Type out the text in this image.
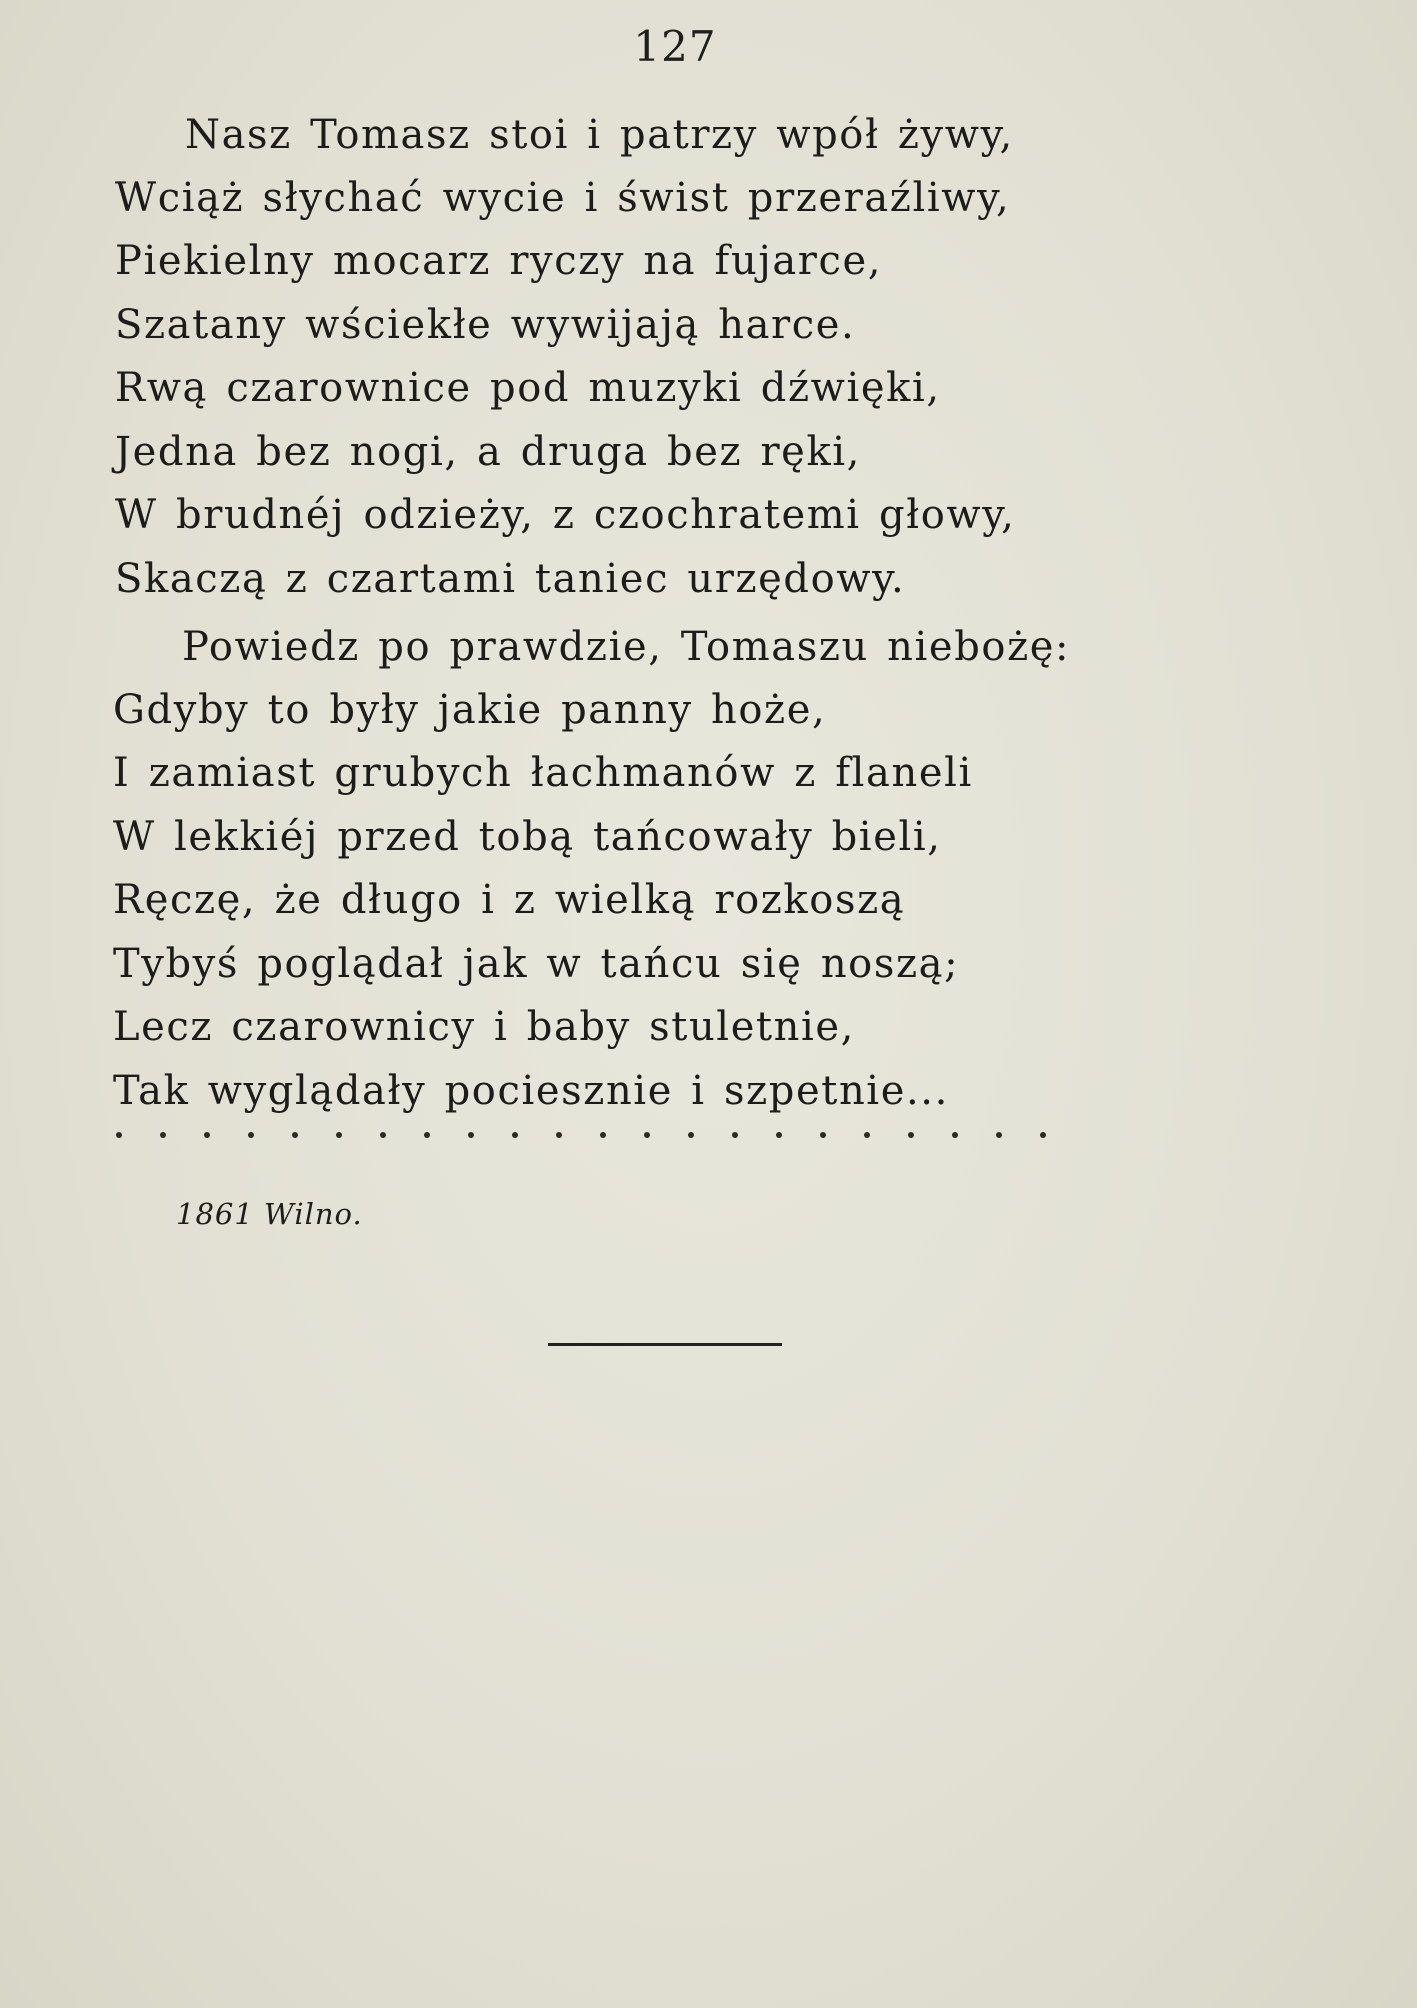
127
Nasz Tomasz stoi i patrzy wpół żywy,
Wciąż słychać wycie i świst przeraźliwy,
Piekielny mocarz ryczy na fujarce,
Szatany wściekłe wywijają harce.
Rwą czarownice pod muzyki dźwięki,
Jedna bez nogi, a druga bez ręki,
W brudnéj odzieży, z czochratemi głowy,
Skaczą z czartami taniec urzędowy.
Powiedz po prawdzie, Tomaszu niebożę:
Gdyby to były jakie panny hoże,
I zamiast grubych łachmanów z flaneli
W lekkiéj przed tobą tańcowały bieli,
Ręczę, że długo i z wielką rozkoszą
Tybyś poglądał jak w tańcu się noszą;
Lecz czarownicy i baby stuletnie,
Tak wyglądały pociesznie i szpetnie...
1861 Wilno.
